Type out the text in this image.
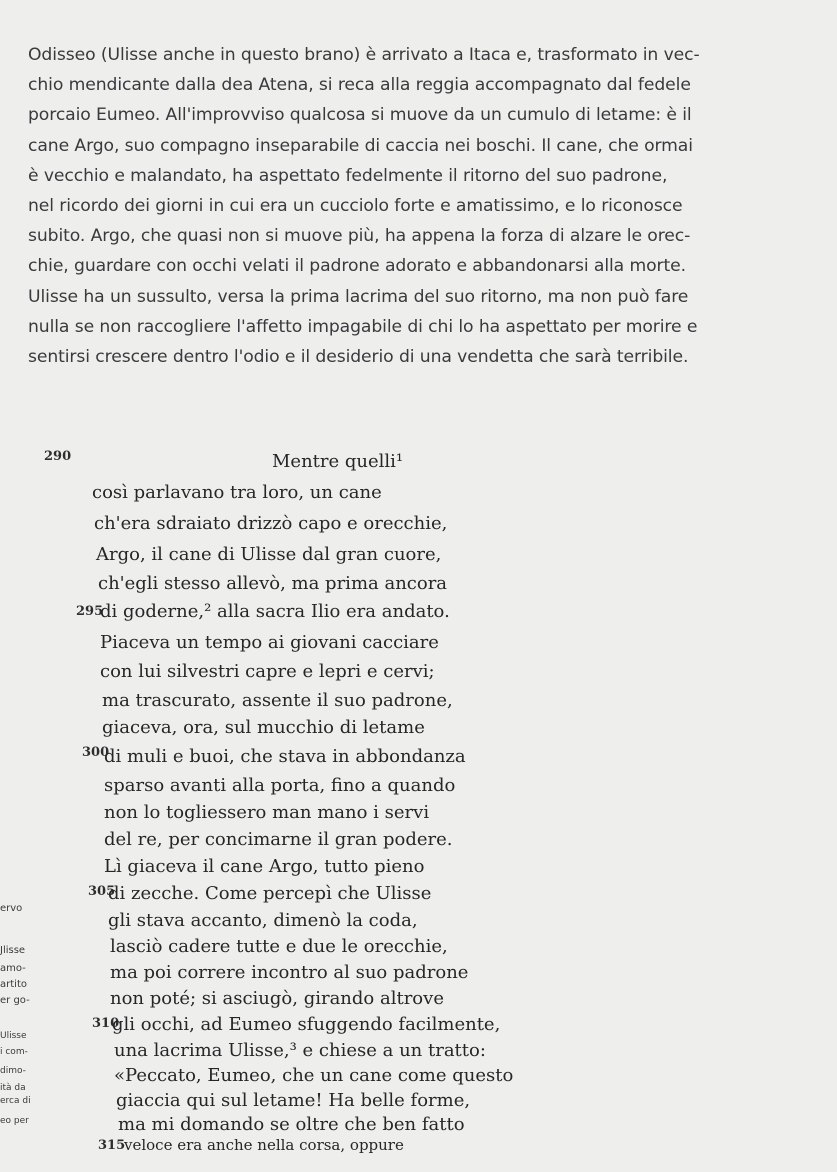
Odisseo (Ulisse anche in questo brano) è arrivato a Itaca e, trasformato in vec-
chio mendicante dalla dea Atena, si reca alla reggia accompagnato dal fedele
porcaio Eumeo. All'improvviso qualcosa si muove da un cumulo di letame: è il
cane Argo, suo compagno inseparabile di caccia nei boschi. Il cane, che ormai
è vecchio e malandato, ha aspettato fedelmente il ritorno del suo padrone,
nel ricordo dei giorni in cui era un cucciolo forte e amatissimo, e lo riconosce
subito. Argo, che quasi non si muove più, ha appena la forza di alzare le orec-
chie, guardare con occhi velati il padrone adorato e abbandonarsi alla morte.
Ulisse ha un sussulto, versa la prima lacrima del suo ritorno, ma non può fare
nulla se non raccogliere l'affetto impagabile di chi lo ha aspettato per morire e
sentirsi crescere dentro l'odio e il desiderio di una vendetta che sarà terribile.
290
295
300
305
310
315
Mentre quelli¹
così parlavano tra loro, un cane
ch'era sdraiato drizzò capo e orecchie,
Argo, il cane di Ulisse dal gran cuore,
ch'egli stesso allevò, ma prima ancora
di goderne,² alla sacra Ilio era andato.
Piaceva un tempo ai giovani cacciare
con lui silvestri capre e lepri e cervi;
ma trascurato, assente il suo padrone,
giaceva, ora, sul mucchio di letame
di muli e buoi, che stava in abbondanza
sparso avanti alla porta, fino a quando
non lo togliessero man mano i servi
del re, per concimarne il gran podere.
Lì giaceva il cane Argo, tutto pieno
di zecche. Come percepì che Ulisse
gli stava accanto, dimenò la coda,
lasciò cadere tutte e due le orecchie,
ma poi correre incontro al suo padrone
non poté; si asciugò, girando altrove
gli occhi, ad Eumeo sfuggendo facilmente,
una lacrima Ulisse,³ e chiese a un tratto:
«Peccato, Eumeo, che un cane come questo
giaccia qui sul letame! Ha belle forme,
ma mi domando se oltre che ben fatto
veloce era anche nella corsa, oppure
ervo
Jlisse
amo-
artito
er go-
Ulisse
i com-
dimo-
ità da
erca di
eo per
